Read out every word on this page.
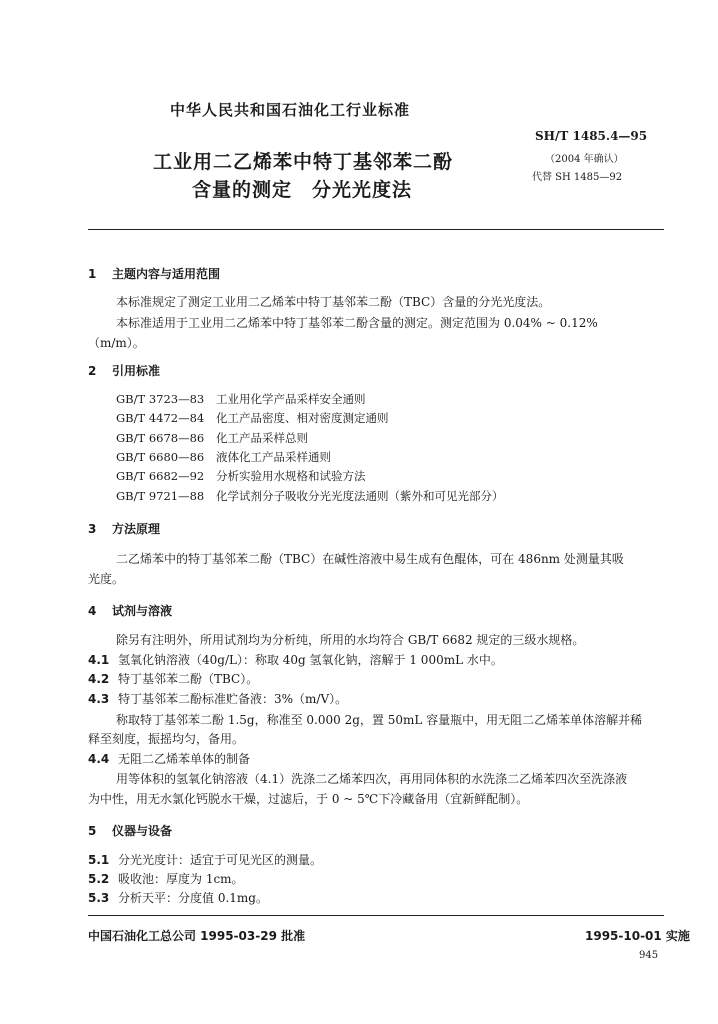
中华人民共和国石油化工行业标准
SH/T 1485.4—95
（2004 年确认）
代替 SH 1485—92
工业用二乙烯苯中特丁基邻苯二酚
含量的测定　分光光度法
1 主题内容与适用范围
本标准规定了测定工业用二乙烯苯中特丁基邻苯二酚（TBC）含量的分光光度法。
本标准适用于工业用二乙烯苯中特丁基邻苯二酚含量的测定。测定范围为 0.04% ~ 0.12%
（m/m）。
2 引用标准
GB/T 3723—83 工业用化学产品采样安全通则
GB/T 4472—84 化工产品密度、相对密度测定通则
GB/T 6678—86 化工产品采样总则
GB/T 6680—86 液体化工产品采样通则
GB/T 6682—92 分析实验用水规格和试验方法
GB/T 9721—88 化学试剂分子吸收分光光度法通则（紫外和可见光部分）
3 方法原理
二乙烯苯中的特丁基邻苯二酚（TBC）在碱性溶液中易生成有色醌体，可在 486nm 处测量其吸
光度。
4 试剂与溶液
除另有注明外，所用试剂均为分析纯，所用的水均符合 GB/T 6682 规定的三级水规格。
4.1 氢氧化钠溶液（40g/L）：称取 40g 氢氧化钠，溶解于 1 000mL 水中。
4.2 特丁基邻苯二酚（TBC）。
4.3 特丁基邻苯二酚标准贮备液：3%（m/V）。
称取特丁基邻苯二酚 1.5g，称准至 0.000 2g，置 50mL 容量瓶中，用无阻二乙烯苯单体溶解并稀
释至刻度，振摇均匀，备用。
4.4 无阻二乙烯苯单体的制备
用等体积的氢氧化钠溶液（4.1）洗涤二乙烯苯四次，再用同体积的水洗涤二乙烯苯四次至洗涤液
为中性，用无水氯化钙脱水干燥，过滤后，于 0 ~ 5℃下冷藏备用（宜新鲜配制）。
5 仪器与设备
5.1 分光光度计：适宜于可见光区的测量。
5.2 吸收池：厚度为 1cm。
5.3 分析天平：分度值 0.1mg。
中国石油化工总公司 1995-03-29 批准	1995-10-01 实施
945
